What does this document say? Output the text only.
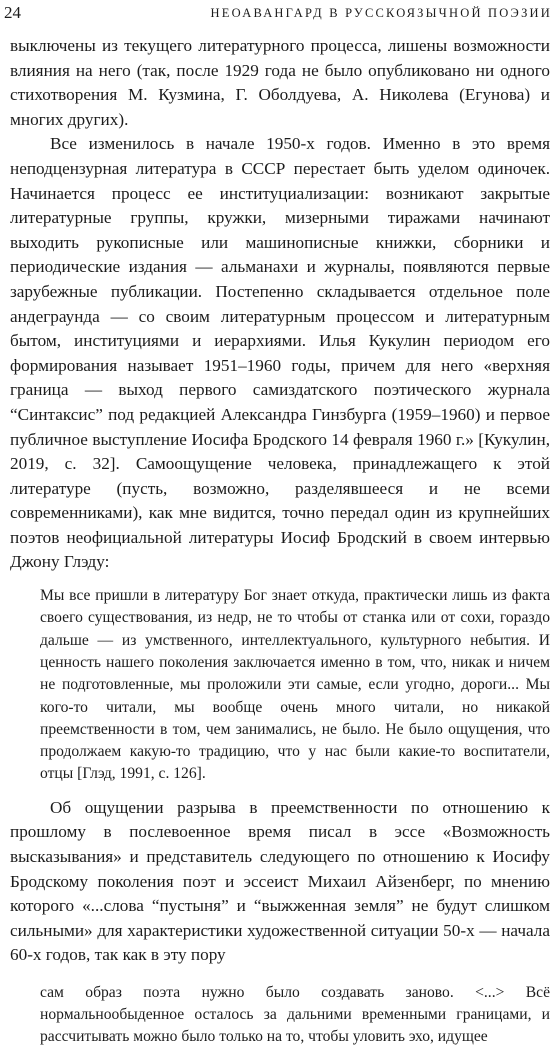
24	НЕОАВАНГАРД В РУССКОЯЗЫЧНОЙ ПОЭЗИИ

выключены из текущего литературного процесса, лишены возможности влияния на него (так, после 1929 года не было опубликовано ни одного стихотворения М. Кузмина, Г. Оболдуева, А. Николева (Егунова) и многих других).

Все изменилось в начале 1950-х годов. Именно в это время неподцензурная литература в СССР перестает быть уделом одиночек. Начинается процесс ее институциализации: возникают закрытые литературные группы, кружки, мизерными тиражами начинают выходить рукописные или машинописные книжки, сборники и периодические издания — альманахи и журналы, появляются первые зарубежные публикации. Постепенно складывается отдельное поле андеграунда — со своим литературным процессом и литературным бытом, институциями и иерархиями. Илья Кукулин периодом его формирования называет 1951–1960 годы, причем для него «верхняя граница — выход первого самиздатского поэтического журнала “Синтаксис” под редакцией Александра Гинзбурга (1959–1960) и первое публичное выступление Иосифа Бродского 14 февраля 1960 г.» [Кукулин, 2019, с. 32]. Самоощущение человека, принадлежащего к этой литературе (пусть, возможно, разделявшееся и не всеми современниками), как мне видится, точно передал один из крупнейших поэтов неофициальной литературы Иосиф Бродский в своем интервью Джону Глэду:

Мы все пришли в литературу Бог знает откуда, практически лишь из факта своего существования, из недр, не то чтобы от станка или от сохи, гораздо дальше — из умственного, интеллектуального, культурного небытия. И ценность нашего поколения заключается именно в том, что, никак и ничем не подготовленные, мы проложили эти самые, если угодно, дороги... Мы кого-то читали, мы вообще очень много читали, но никакой преемственности в том, чем занимались, не было. Не было ощущения, что продолжаем какую-то традицию, что у нас были какие-то воспитатели, отцы [Глэд, 1991, с. 126].

Об ощущении разрыва в преемственности по отношению к прошлому в послевоенное время писал в эссе «Возможность высказывания» и представитель следующего по отношению к Иосифу Бродскому поколения поэт и эссеист Михаил Айзенберг, по мнению которого «...слова “пустыня” и “выжженная земля” не будут слишком сильными» для характеристики художественной ситуации 50-х — начала 60-х годов, так как в эту пору

сам образ поэта нужно было создавать заново. <...> Всё нормальнообыденное осталось за дальними временными границами, и рассчитывать можно было только на то, чтобы уловить эхо, идущее
